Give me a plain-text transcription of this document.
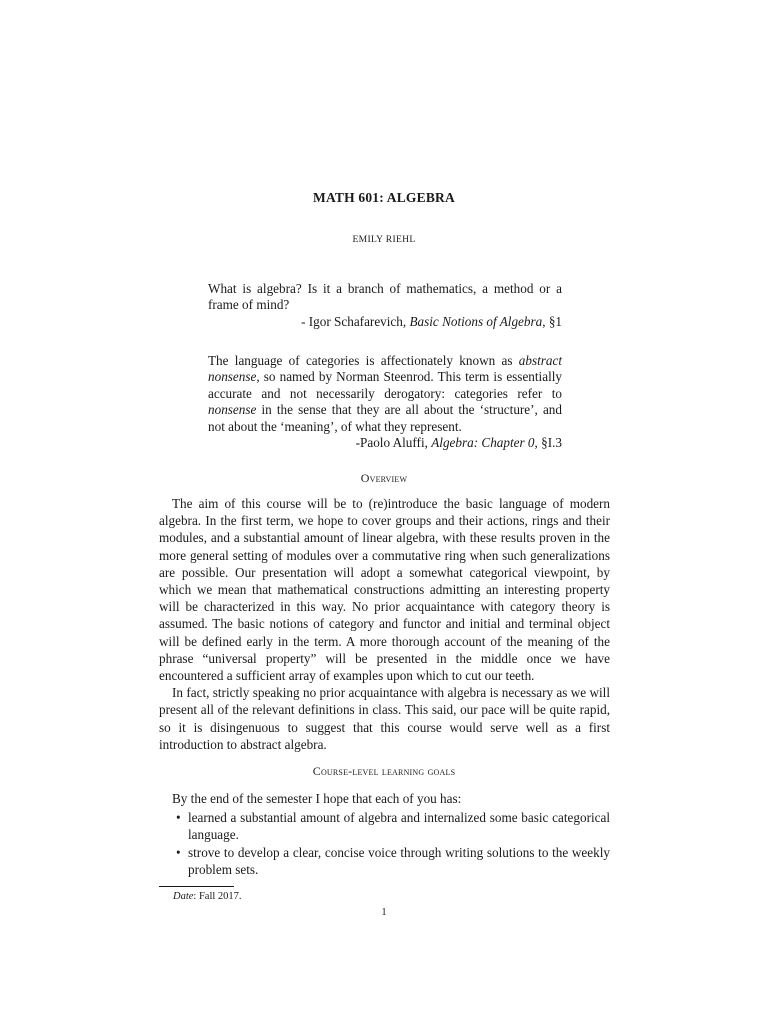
MATH 601: ALGEBRA
EMILY RIEHL

What is algebra? Is it a branch of mathematics, a method or a frame of mind?

- Igor Schafarevich, Basic Notions of Algebra, §1

The language of categories is affectionately known as abstract nonsense, so named by Norman Steenrod. This term is essentially accurate and not necessarily derogatory: categories refer to nonsense in the sense that they are all about the ‘structure’, and not about the ‘meaning’, of what they represent.

-Paolo Aluffi, Algebra: Chapter 0, §I.3

Overview

The aim of this course will be to (re)introduce the basic language of modern algebra. In the first term, we hope to cover groups and their actions, rings and their modules, and a substantial amount of linear algebra, with these results proven in the more general setting of modules over a commutative ring when such generalizations are possible. Our presentation will adopt a somewhat categorical viewpoint, by which we mean that mathematical constructions admitting an interesting property will be characterized in this way. No prior acquaintance with category theory is assumed. The basic notions of category and functor and initial and terminal object will be defined early in the term. A more thorough account of the meaning of the phrase “universal property” will be presented in the middle once we have encountered a sufficient array of examples upon which to cut our teeth.

In fact, strictly speaking no prior acquaintance with algebra is necessary as we will present all of the relevant definitions in class. This said, our pace will be quite rapid, so it is disingenuous to suggest that this course would serve well as a first introduction to abstract algebra.

Course-level learning goals

By the end of the semester I hope that each of you has:

• learned a substantial amount of algebra and internalized some basic categorical language.
• strove to develop a clear, concise voice through writing solutions to the weekly problem sets.
Date: Fall 2017.
1
